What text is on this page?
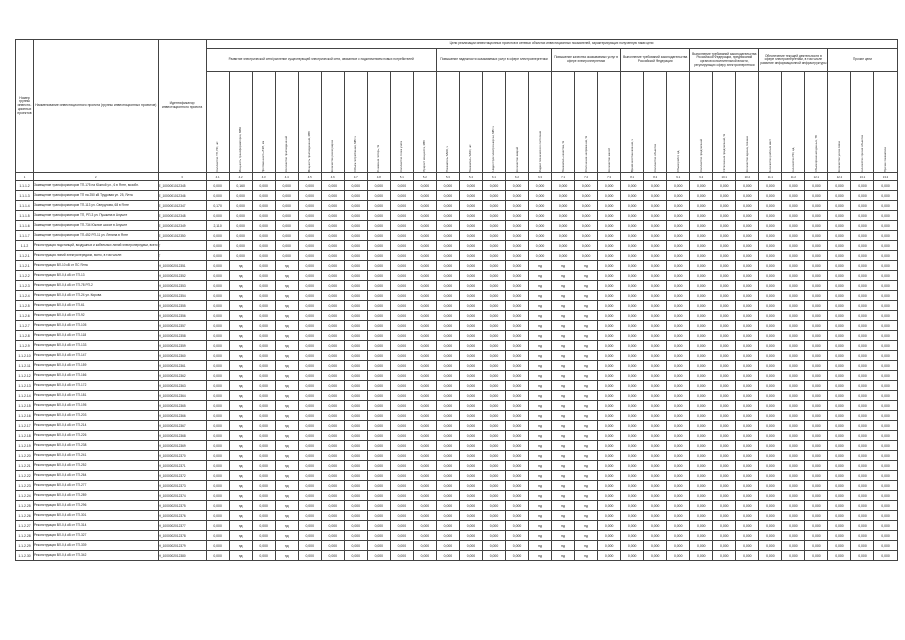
Номер группы инвести-ционных проектов	Наименование инвестиционного проекта (группы инвестиционных проектов)	Идентификатор инвестиционного проекта	Цели реализации инвестиционных проектов в сетевых объектах инвестиционных показателей, характеризующих полученную нами цели																													
			Развитие электрической сети/усиление существующей электрической сети, связанное с подключением новых потребителей										Повышение надежности оказываемых услуг в сфере электроэнергетики					Повышение качества оказываемых услуг в сфере электроэнергетики			Выполнение требований законодательства Российской Федерации			Выполнение требований законодательства Российской Федерации, предписаний органов исполнительной власти, регулирующих сферу электроэнергетики			Обеспечение текущей деятельности в сфере электроэнергетики, в том числе развитие информационной инфраструктуры			Прочие цели		

			Количество ТП, ПС, шт.	Мощность трансформаторов, МВА	Протяженность ЛЭП, км	Количество присоединений	Мощность присоединения, МВт	Количество реклоузеров	Объем потребления, МВт·ч	Снижение потерь, %	Количество точек учета	Прирост мощности, МВт	Показатель SAIDI, ч	Показатель SAIFI, шт.	Недоотпуск электроэнергии, МВт·ч	Количество аварий	Индекс технического состояния	Показатель качества, %	Отклонение напряжения, %	Количество жалоб	Время восстановления, ч	Количество объектов	Объем работ, ед.	Количество предписаний	Исполнение предписаний, %	Количество единиц техники	Количество рабочих мест	Количество ПО, ед.	Объем хранения данных, ТБ	Количество узлов связи	Количество прочих объектов	Прочие показатели

1	2	3	4.1	4.2	4.3	4.4	4.5	4.6	4.7	4.8	5.1	5.2	5.3	5.4	6.1	6.2	6.3	7.1	7.2	7.3	8.1	8.2	9.1	9.2	10.1	10.2	11.1	11.2	12.1	12.2	13.1	13.2
1.1.1.2	Замещение трансформаторов ТП-175 на Южной ул., 6 в Ялте, возобн.	Е_1000001012345	0,000	0,160	0,000	0,000	0,000	0,000	0,000	0,000	0,000	0,000	0,000	0,000	0,000	0,000	0,000	0,000	0,000	0,000	0,000	0,000	0,000	0,000	0,000	0,000	0,000	0,000	0,000	0,000	0,000	0,000
1.1.1.3	Замещение трансформаторов ТП на 250 кВ Трудовая ул. 25, Ялта	Е_1000001012346	0,000	0,000	0,000	0,000	0,000	0,000	0,000	0,000	0,000	0,000	0,000	0,000	0,000	0,000	0,000	0,000	0,000	0,000	0,000	0,000	0,000	0,000	0,000	0,000	0,000	0,000	0,000	0,000	0,000	0,000
1.1.1.4	Замещение трансформаторов ТП-113 ул. Свердлова, 68 в Ялте	Е_1000001012347	0,170	0,000	0,000	0,000	0,000	0,000	0,000	0,000	0,000	0,000	0,000	0,000	0,000	0,000	0,000	0,000	0,000	0,000	0,000	0,000	0,000	0,000	0,000	0,000	0,000	0,000	0,000	0,000	0,000	0,000
1.1.1.5	Замещение трансформаторов ТП, РП-3 ул. Пушкина в Алуште	Е_1000001012348	0,000	0,000	0,000	0,000	0,000	0,000	0,000	0,000	0,000	0,000	0,000	0,000	0,000	0,000	0,000	0,000	0,000	0,000	0,000	0,000	0,000	0,000	0,000	0,000	0,000	0,000	0,000	0,000	0,000	0,000
1.1.1.6	Замещение трансформаторов ТП-734 Южное шоссе в Алуште	Е_1000001012349	2,110	0,000	0,000	0,000	0,000	0,000	0,000	0,000	0,000	0,000	0,000	0,000	0,000	0,000	0,000	0,000	0,000	0,000	0,000	0,000	0,000	0,000	0,000	0,000	0,000	0,000	0,000	0,000	0,000	0,000
1.1.1.7	Замещение трансформаторов ТП-452 РП-11 ул. Ленина в Ялте	Е_1000001012350	0,000	0,000	0,000	0,000	0,000	0,000	0,000	0,000	0,000	0,000	0,000	0,000	0,000	0,000	0,000	0,000	0,000	0,000	0,000	0,000	0,000	0,000	0,000	0,000	0,000	0,000	0,000	0,000	0,000	0,000
1.1.2	Реконструкция подстанций, воздушных и кабельных линий электропередачи, всего	Г	0,000	0,000	0,000	0,000	0,000	0,000	0,000	0,000	0,000	0,000	0,000	0,000	0,000	0,000	0,000	0,000	0,000	0,000	0,000	0,000	0,000	0,000	0,000	0,000	0,000	0,000	0,000	0,000	0,000	0,000
1.1.2.1	Реконструкция линий электропередачи, всего, в том числе:	Г	0,000	0,000	0,000	0,000	0,000	0,000	0,000	0,000	0,000	0,000	0,000	0,000	0,000	0,000	0,000	0,000	0,000	0,000	0,000	0,000	0,000	0,000	0,000	0,000	0,000	0,000	0,000	0,000	0,000	0,000
1.1.2.1	Реконструкция ВЛ-10 кВ от ПС Ялта	Н_1000002012351	0,000	нд	0,000	нд	0,000	0,000	0,000	0,000	0,000	0,000	0,000	0,000	0,000	0,000	нд	нд	нд	0,000	0,000	0,000	0,000	0,000	0,000	0,000	0,000	0,000	0,000	0,000	0,000	0,000
1.1.2.2	Реконструкция ВЛ-0,4 кВ от ТП-13	Н_1000002012352	0,000	нд	0,000	нд	0,000	0,000	0,000	0,000	0,000	0,000	0,000	0,000	0,000	0,000	нд	нд	нд	0,000	0,000	0,000	0,000	0,000	0,000	0,000	0,000	0,000	0,000	0,000	0,000	0,000
1.1.2.3	Реконструкция ВЛ-0,4 кВ от ТП-78 РП-2	Н_1000002012353	0,000	нд	0,000	нд	0,000	0,000	0,000	0,000	0,000	0,000	0,000	0,000	0,000	0,000	нд	нд	нд	0,000	0,000	0,000	0,000	0,000	0,000	0,000	0,000	0,000	0,000	0,000	0,000	0,000
1.1.2.4	Реконструкция ВЛ-0,4 кВ от ТП-24 ул. Кирова	Н_1000002012354	0,000	нд	0,000	нд	0,000	0,000	0,000	0,000	0,000	0,000	0,000	0,000	0,000	0,000	нд	нд	нд	0,000	0,000	0,000	0,000	0,000	0,000	0,000	0,000	0,000	0,000	0,000	0,000	0,000
1.1.2.5	Реконструкция ВЛ-0,4 кВ от ТП-61	Н_1000002012355	0,000	нд	0,000	нд	0,000	0,000	0,000	0,000	0,000	0,000	0,000	0,000	0,000	0,000	нд	нд	нд	0,000	0,000	0,000	0,000	0,000	0,000	0,000	0,000	0,000	0,000	0,000	0,000	0,000
1.1.2.6	Реконструкция ВЛ-0,4 кВ от ТП-92	Н_1000002012356	0,000	нд	0,000	нд	0,000	0,000	0,000	0,000	0,000	0,000	0,000	0,000	0,000	0,000	нд	нд	нд	0,000	0,000	0,000	0,000	0,000	0,000	0,000	0,000	0,000	0,000	0,000	0,000	0,000
1.1.2.7	Реконструкция ВЛ-0,4 кВ от ТП-105	Н_1000002012357	0,000	нд	0,000	нд	0,000	0,000	0,000	0,000	0,000	0,000	0,000	0,000	0,000	0,000	нд	нд	нд	0,000	0,000	0,000	0,000	0,000	0,000	0,000	0,000	0,000	0,000	0,000	0,000	0,000
1.1.2.8	Реконструкция ВЛ-0,4 кВ от ТП-118	Н_1000002012358	0,000	нд	0,000	нд	0,000	0,000	0,000	0,000	0,000	0,000	0,000	0,000	0,000	0,000	нд	нд	нд	0,000	0,000	0,000	0,000	0,000	0,000	0,000	0,000	0,000	0,000	0,000	0,000	0,000
1.1.2.9	Реконструкция ВЛ-0,4 кВ от ТП-133	Н_1000002012359	0,000	нд	0,000	нд	0,000	0,000	0,000	0,000	0,000	0,000	0,000	0,000	0,000	0,000	нд	нд	нд	0,000	0,000	0,000	0,000	0,000	0,000	0,000	0,000	0,000	0,000	0,000	0,000	0,000
1.1.2.10	Реконструкция ВЛ-0,4 кВ от ТП-147	Н_1000002012360	0,000	нд	0,000	нд	0,000	0,000	0,000	0,000	0,000	0,000	0,000	0,000	0,000	0,000	нд	нд	нд	0,000	0,000	0,000	0,000	0,000	0,000	0,000	0,000	0,000	0,000	0,000	0,000	0,000
1.1.2.11	Реконструкция ВЛ-0,4 кВ от ТП-159	Н_1000002012361	0,000	нд	0,000	нд	0,000	0,000	0,000	0,000	0,000	0,000	0,000	0,000	0,000	0,000	нд	нд	нд	0,000	0,000	0,000	0,000	0,000	0,000	0,000	0,000	0,000	0,000	0,000	0,000	0,000
1.1.2.12	Реконструкция ВЛ-0,4 кВ от ТП-166	Н_1000002012362	0,000	нд	0,000	нд	0,000	0,000	0,000	0,000	0,000	0,000	0,000	0,000	0,000	0,000	нд	нд	нд	0,000	0,000	0,000	0,000	0,000	0,000	0,000	0,000	0,000	0,000	0,000	0,000	0,000
1.1.2.13	Реконструкция ВЛ-0,4 кВ от ТП-172	Н_1000002012363	0,000	нд	0,000	нд	0,000	0,000	0,000	0,000	0,000	0,000	0,000	0,000	0,000	0,000	нд	нд	нд	0,000	0,000	0,000	0,000	0,000	0,000	0,000	0,000	0,000	0,000	0,000	0,000	0,000
1.1.2.14	Реконструкция ВЛ-0,4 кВ от ТП-181	Н_1000002012364	0,000	нд	0,000	нд	0,000	0,000	0,000	0,000	0,000	0,000	0,000	0,000	0,000	0,000	нд	нд	нд	0,000	0,000	0,000	0,000	0,000	0,000	0,000	0,000	0,000	0,000	0,000	0,000	0,000
1.1.2.15	Реконструкция ВЛ-0,4 кВ от ТП-195	Н_1000002012365	0,000	нд	0,000	нд	0,000	0,000	0,000	0,000	0,000	0,000	0,000	0,000	0,000	0,000	нд	нд	нд	0,000	0,000	0,000	0,000	0,000	0,000	0,000	0,000	0,000	0,000	0,000	0,000	0,000
1.1.2.16	Реконструкция ВЛ-0,4 кВ от ТП-203	Н_1000002012366	0,000	нд	0,000	нд	0,000	0,000	0,000	0,000	0,000	0,000	0,000	0,000	0,000	0,000	нд	нд	нд	0,000	0,000	0,000	0,000	0,000	0,000	0,000	0,000	0,000	0,000	0,000	0,000	0,000
1.1.2.17	Реконструкция ВЛ-0,4 кВ от ТП-214	Н_1000002012367	0,000	нд	0,000	нд	0,000	0,000	0,000	0,000	0,000	0,000	0,000	0,000	0,000	0,000	нд	нд	нд	0,000	0,000	0,000	0,000	0,000	0,000	0,000	0,000	0,000	0,000	0,000	0,000	0,000
1.1.2.18	Реконструкция ВЛ-0,4 кВ от ТП-226	Н_1000002012368	0,000	нд	0,000	нд	0,000	0,000	0,000	0,000	0,000	0,000	0,000	0,000	0,000	0,000	нд	нд	нд	0,000	0,000	0,000	0,000	0,000	0,000	0,000	0,000	0,000	0,000	0,000	0,000	0,000
1.1.2.19	Реконструкция ВЛ-0,4 кВ от ТП-238	Н_1000002012369	0,000	нд	0,000	нд	0,000	0,000	0,000	0,000	0,000	0,000	0,000	0,000	0,000	0,000	нд	нд	нд	0,000	0,000	0,000	0,000	0,000	0,000	0,000	0,000	0,000	0,000	0,000	0,000	0,000
1.1.2.20	Реконструкция ВЛ-0,4 кВ от ТП-241	Н_1000002012370	0,000	нд	0,000	нд	0,000	0,000	0,000	0,000	0,000	0,000	0,000	0,000	0,000	0,000	нд	нд	нд	0,000	0,000	0,000	0,000	0,000	0,000	0,000	0,000	0,000	0,000	0,000	0,000	0,000
1.1.2.21	Реконструкция ВЛ-0,4 кВ от ТП-252	Н_1000002012371	0,000	нд	0,000	нд	0,000	0,000	0,000	0,000	0,000	0,000	0,000	0,000	0,000	0,000	нд	нд	нд	0,000	0,000	0,000	0,000	0,000	0,000	0,000	0,000	0,000	0,000	0,000	0,000	0,000
1.1.2.22	Реконструкция ВЛ-0,4 кВ от ТП-264	Н_1000002012372	0,000	нд	0,000	нд	0,000	0,000	0,000	0,000	0,000	0,000	0,000	0,000	0,000	0,000	нд	нд	нд	0,000	0,000	0,000	0,000	0,000	0,000	0,000	0,000	0,000	0,000	0,000	0,000	0,000
1.1.2.23	Реконструкция ВЛ-0,4 кВ от ТП-277	Н_1000002012373	0,000	нд	0,000	нд	0,000	0,000	0,000	0,000	0,000	0,000	0,000	0,000	0,000	0,000	нд	нд	нд	0,000	0,000	0,000	0,000	0,000	0,000	0,000	0,000	0,000	0,000	0,000	0,000	0,000
1.1.2.24	Реконструкция ВЛ-0,4 кВ от ТП-289	Н_1000002012374	0,000	нд	0,000	нд	0,000	0,000	0,000	0,000	0,000	0,000	0,000	0,000	0,000	0,000	нд	нд	нд	0,000	0,000	0,000	0,000	0,000	0,000	0,000	0,000	0,000	0,000	0,000	0,000	0,000
1.1.2.25	Реконструкция ВЛ-0,4 кВ от ТП-296	Н_1000002012375	0,000	нд	0,000	нд	0,000	0,000	0,000	0,000	0,000	0,000	0,000	0,000	0,000	0,000	нд	нд	нд	0,000	0,000	0,000	0,000	0,000	0,000	0,000	0,000	0,000	0,000	0,000	0,000	0,000
1.1.2.26	Реконструкция ВЛ-0,4 кВ от ТП-301	Н_1000002012376	0,000	нд	0,000	нд	0,000	0,000	0,000	0,000	0,000	0,000	0,000	0,000	0,000	0,000	нд	нд	нд	0,000	0,000	0,000	0,000	0,000	0,000	0,000	0,000	0,000	0,000	0,000	0,000	0,000
1.1.2.27	Реконструкция ВЛ-0,4 кВ от ТП-314	Н_1000002012377	0,000	нд	0,000	нд	0,000	0,000	0,000	0,000	0,000	0,000	0,000	0,000	0,000	0,000	нд	нд	нд	0,000	0,000	0,000	0,000	0,000	0,000	0,000	0,000	0,000	0,000	0,000	0,000	0,000
1.1.2.28	Реконструкция ВЛ-0,4 кВ от ТП-327	Н_1000002012378	0,000	нд	0,000	нд	0,000	0,000	0,000	0,000	0,000	0,000	0,000	0,000	0,000	0,000	нд	нд	нд	0,000	0,000	0,000	0,000	0,000	0,000	0,000	0,000	0,000	0,000	0,000	0,000	0,000
1.1.2.29	Реконструкция ВЛ-0,4 кВ от ТП-339	Н_1000002012379	0,000	нд	0,000	нд	0,000	0,000	0,000	0,000	0,000	0,000	0,000	0,000	0,000	0,000	нд	нд	нд	0,000	0,000	0,000	0,000	0,000	0,000	0,000	0,000	0,000	0,000	0,000	0,000	0,000
1.1.2.30	Реконструкция ВЛ-0,4 кВ от ТП-342	Н_1000002012380	0,000	нд	0,000	нд	0,000	0,000	0,000	0,000	0,000	0,000	0,000	0,000	0,000	0,000	нд	нд	нд	0,000	0,000	0,000	0,000	0,000	0,000	0,000	0,000	0,000	0,000	0,000	0,000	0,000
